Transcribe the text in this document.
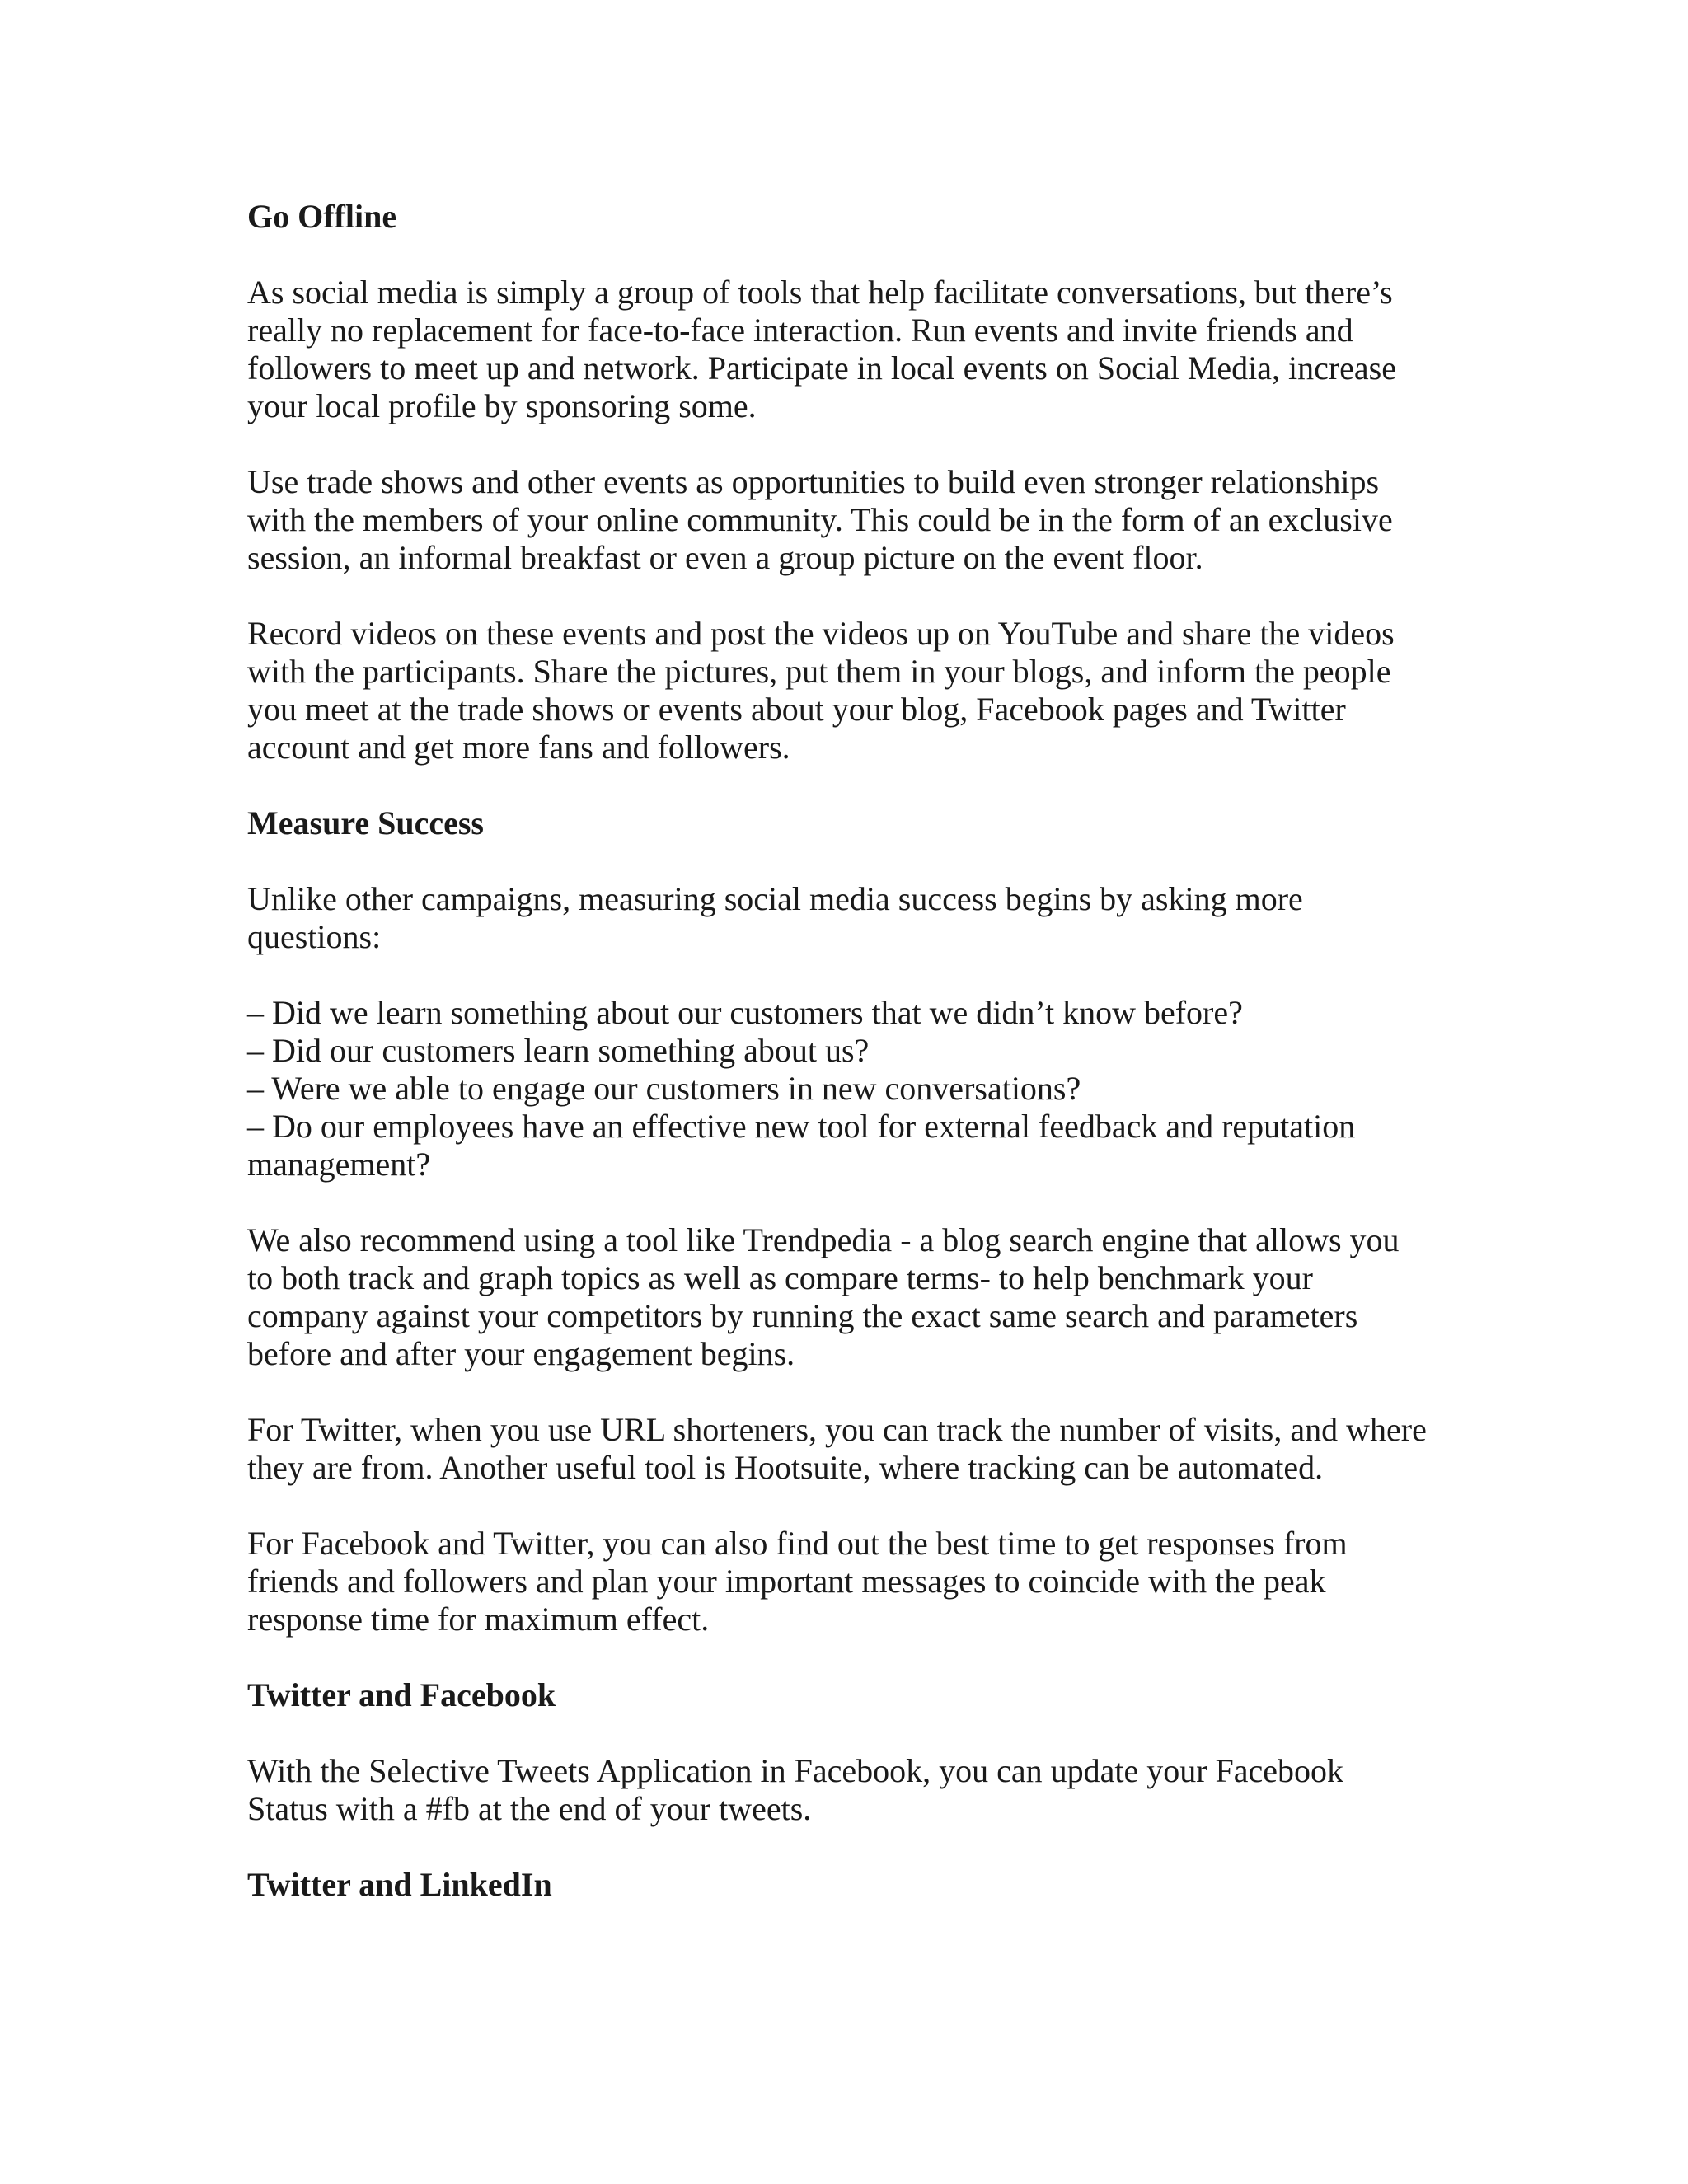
Go Offline
As social media is simply a group of tools that help facilitate conversations, but there’s
really no replacement for face-to-face interaction. Run events and invite friends and
followers to meet up and network. Participate in local events on Social Media, increase
your local profile by sponsoring some.
Use trade shows and other events as opportunities to build even stronger relationships
with the members of your online community. This could be in the form of an exclusive
session, an informal breakfast or even a group picture on the event floor.
Record videos on these events and post the videos up on YouTube and share the videos
with the participants. Share the pictures, put them in your blogs, and inform the people
you meet at the trade shows or events about your blog, Facebook pages and Twitter
account and get more fans and followers.
Measure Success
Unlike other campaigns, measuring social media success begins by asking more
questions:
– Did we learn something about our customers that we didn’t know before?
– Did our customers learn something about us?
– Were we able to engage our customers in new conversations?
– Do our employees have an effective new tool for external feedback and reputation
management?
We also recommend using a tool like Trendpedia - a blog search engine that allows you
to both track and graph topics as well as compare terms- to help benchmark your
company against your competitors by running the exact same search and parameters
before and after your engagement begins.
For Twitter, when you use URL shorteners, you can track the number of visits, and where
they are from. Another useful tool is Hootsuite, where tracking can be automated.
For Facebook and Twitter, you can also find out the best time to get responses from
friends and followers and plan your important messages to coincide with the peak
response time for maximum effect.
Twitter and Facebook
With the Selective Tweets Application in Facebook, you can update your Facebook
Status with a #fb at the end of your tweets.
Twitter and LinkedIn
